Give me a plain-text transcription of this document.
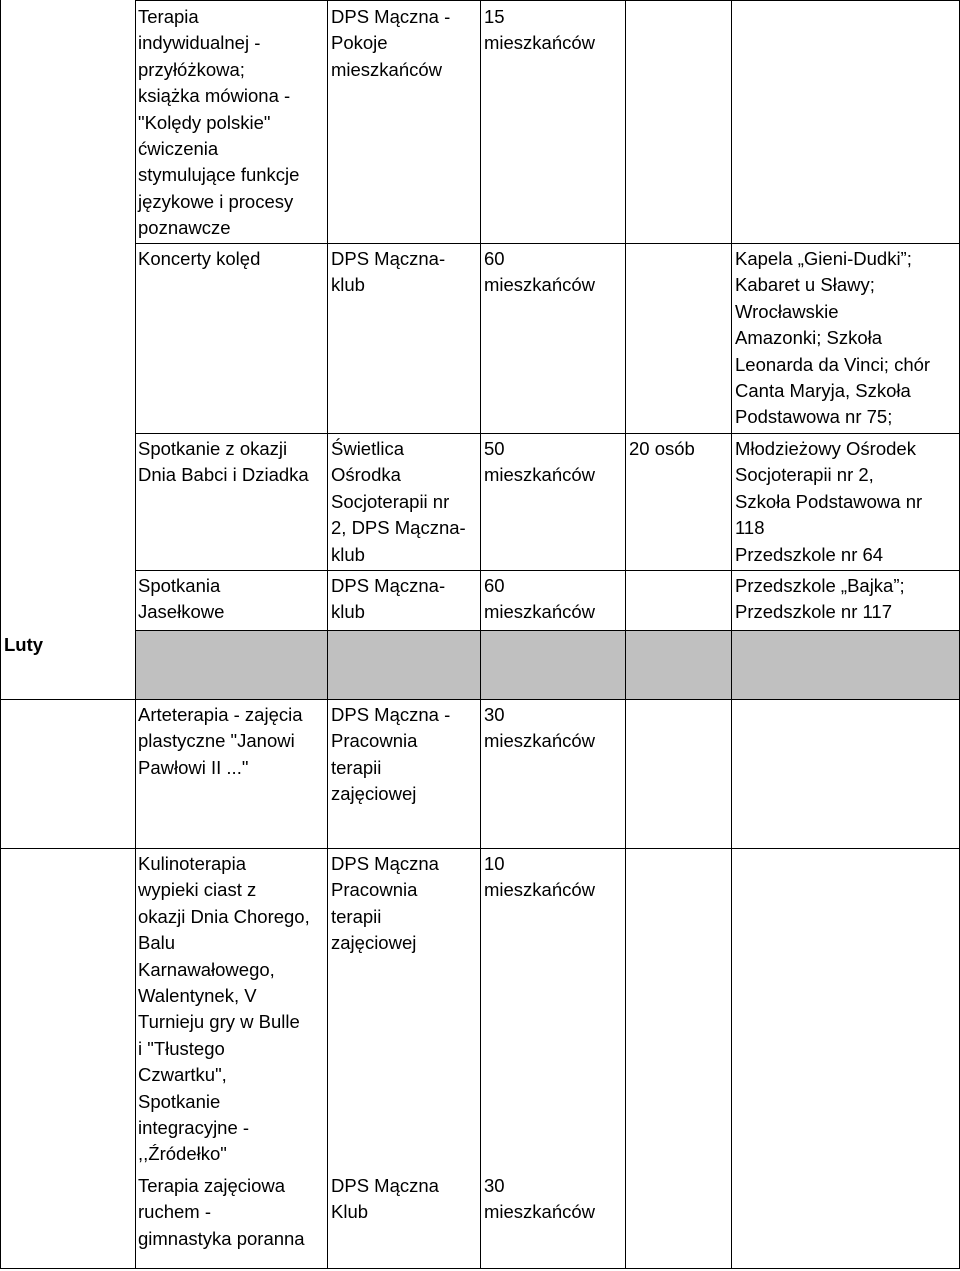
Luty

Terapia
indywidualnej -
przyłóżkowa;
książka mówiona -
"Kolędy polskie"
ćwiczenia
stymulujące funkcje
językowe i procesy
poznawcze

DPS Mączna -
Pokoje
mieszkańców

15
mieszkańców

Koncerty kolęd	DPS Mączna-
klub

60
mieszkańców

Kapela „Gieni-Dudki”;
Kabaret u Sławy;
Wrocławskie
Amazonki; Szkoła
Leonarda da Vinci; chór
Canta Maryja, Szkoła
Podstawowa nr 75;

Spotkanie z okazji
Dnia Babci i Dziadka

Świetlica
Ośrodka
Socjoterapii nr
2, DPS Mączna-
klub

50
mieszkańców

20 osób	Młodzieżowy Ośrodek
Socjoterapii nr 2,
Szkoła Podstawowa nr
118
Przedszkole nr 64

Spotkania
Jasełkowe

DPS Mączna-
klub

60
mieszkańców

Przedszkole „Bajka”;
Przedszkole nr 117

Arteterapia - zajęcia
plastyczne "Janowi
Pawłowi II ..."

DPS Mączna -
Pracownia
terapii
zajęciowej

30
mieszkańców

Kulinoterapia
wypieki ciast z
okazji Dnia Chorego,
Balu
Karnawałowego,
Walentynek, V
Turnieju gry w Bulle
i "Tłustego
Czwartku",
Spotkanie
integracyjne -
,,Źródełko"

DPS Mączna
Pracownia
terapii
zajęciowej

10
mieszkańców

Terapia zajęciowa
ruchem -
gimnastyka poranna

DPS Mączna
Klub

30
mieszkańców
